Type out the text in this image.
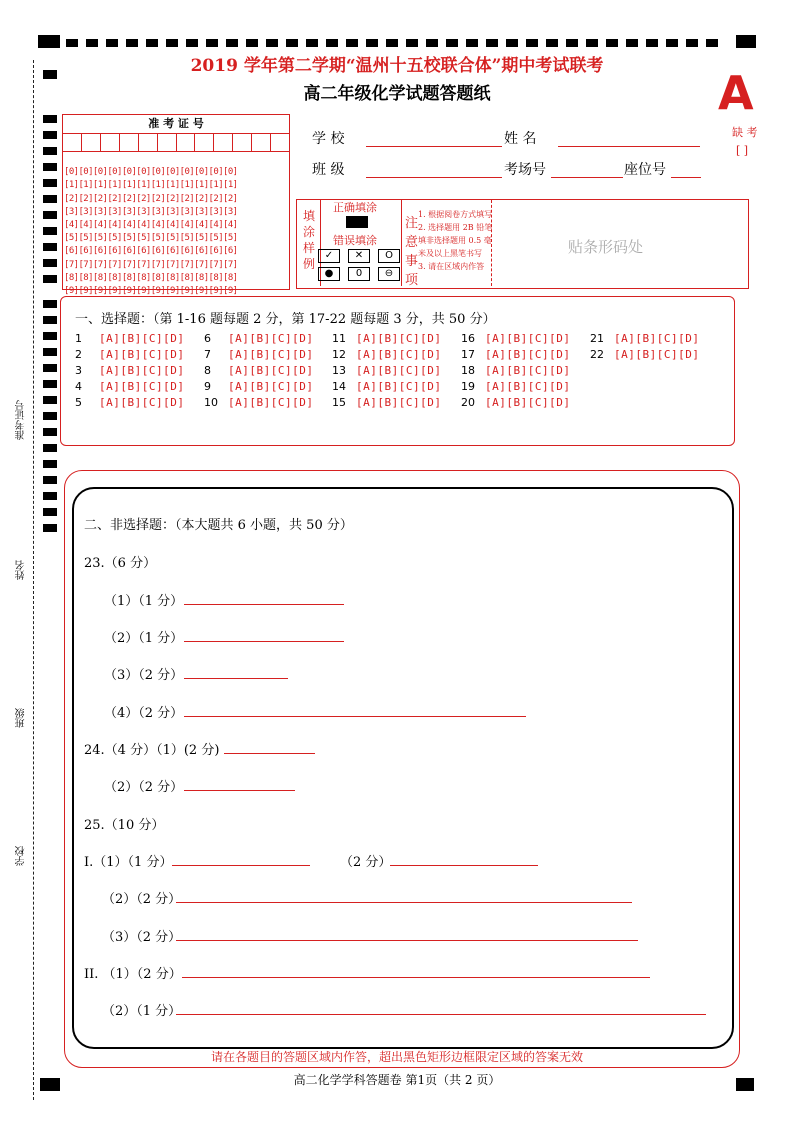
准考证号
姓名
班级
学校
2019 学年第二学期“温州十五校联合体”期中考试联考
高二年级化学试题答题纸	A
缺 考
[ ]
准 考 证 号

[0][0][0][0][0][0][0][0][0][0][0][0]
[1][1][1][1][1][1][1][1][1][1][1][1]
[2][2][2][2][2][2][2][2][2][2][2][2]
[3][3][3][3][3][3][3][3][3][3][3][3]
[4][4][4][4][4][4][4][4][4][4][4][4]
[5][5][5][5][5][5][5][5][5][5][5][5]
[6][6][6][6][6][6][6][6][6][6][6][6]
[7][7][7][7][7][7][7][7][7][7][7][7]
[8][8][8][8][8][8][8][8][8][8][8][8]
[9][9][9][9][9][9][9][9][9][9][9][9]

学 校	姓 名
班 级	考场号	座位号
填
涂
样
例
正确填涂
错误填涂
✓	✕	O
●	0	⊖
注
意
事
项
1. 根据阅卷方式填写
2. 选择题用 2B 铅笔
填非选择题用 0.5 毫
米及以上黑笔书写
3. 请在区域内作答
贴条形码处
一、选择题：（第 1-16 题每题 2 分，第 17-22 题每题 3 分，共 50 分）
1 [A][B][C][D]
2 [A][B][C][D]
3 [A][B][C][D]
4 [A][B][C][D]
5 [A][B][C][D]
6 [A][B][C][D]
7 [A][B][C][D]
8 [A][B][C][D]
9 [A][B][C][D]
10 [A][B][C][D]
11 [A][B][C][D]
12 [A][B][C][D]
13 [A][B][C][D]
14 [A][B][C][D]
15 [A][B][C][D]
16 [A][B][C][D]
17 [A][B][C][D]
18 [A][B][C][D]
19 [A][B][C][D]
20 [A][B][C][D]
21 [A][B][C][D]
22 [A][B][C][D]
二、非选择题：（本大题共 6 小题，共 50 分）
23.（6 分）
（1）（1 分）
（2）（1 分）
（3）（2 分）
（4）（2 分）
24.（4 分）（1）(2 分)
（2）（2 分）
25.（10 分）
I.（1）（1 分）	（2 分）
（2）（2 分）
（3）（2 分）
II. （1）（2 分）
（2）（1 分）
请在各题目的答题区域内作答，超出黑色矩形边框限定区域的答案无效
高二化学学科答题卷 第1页（共 2 页）
